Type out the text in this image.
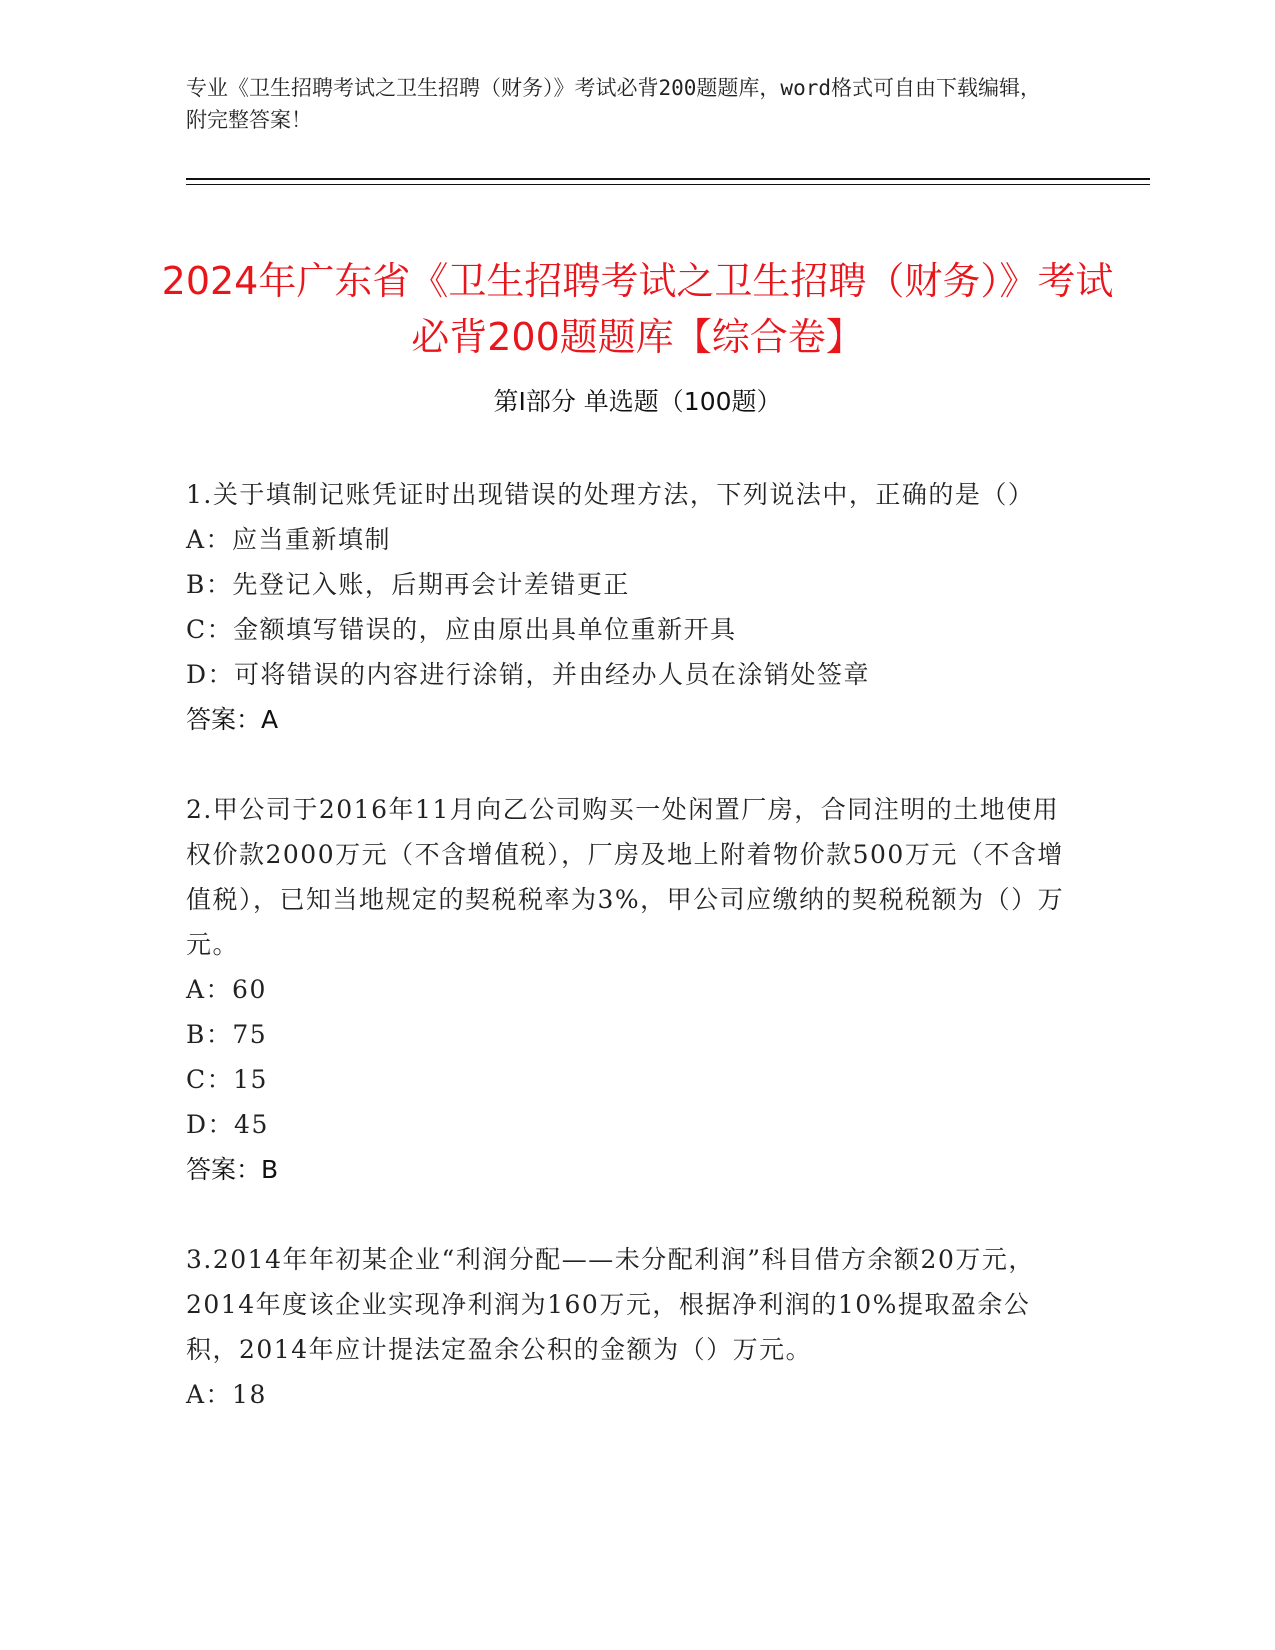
专业《卫生招聘考试之卫生招聘（财务）》考试必背200题题库，word格式可自由下载编辑，附完整答案！
2024年广东省《卫生招聘考试之卫生招聘（财务）》考试必背200题题库【综合卷】
第I部分 单选题（100题）
1.关于填制记账凭证时出现错误的处理方法，下列说法中，正确的是（）
A：应当重新填制
B：先登记入账，后期再会计差错更正
C：金额填写错误的，应由原出具单位重新开具
D：可将错误的内容进行涂销，并由经办人员在涂销处签章
答案：A
2.甲公司于2016年11月向乙公司购买一处闲置厂房，合同注明的土地使用权价款2000万元（不含增值税），厂房及地上附着物价款500万元（不含增值税），已知当地规定的契税税率为3%，甲公司应缴纳的契税税额为（）万元。
A：60
B：75
C：15
D：45
答案：B
3.2014年年初某企业“利润分配——未分配利润”科目借方余额20万元，2014年度该企业实现净利润为160万元，根据净利润的10%提取盈余公积，2014年应计提法定盈余公积的金额为（）万元。
A：18
